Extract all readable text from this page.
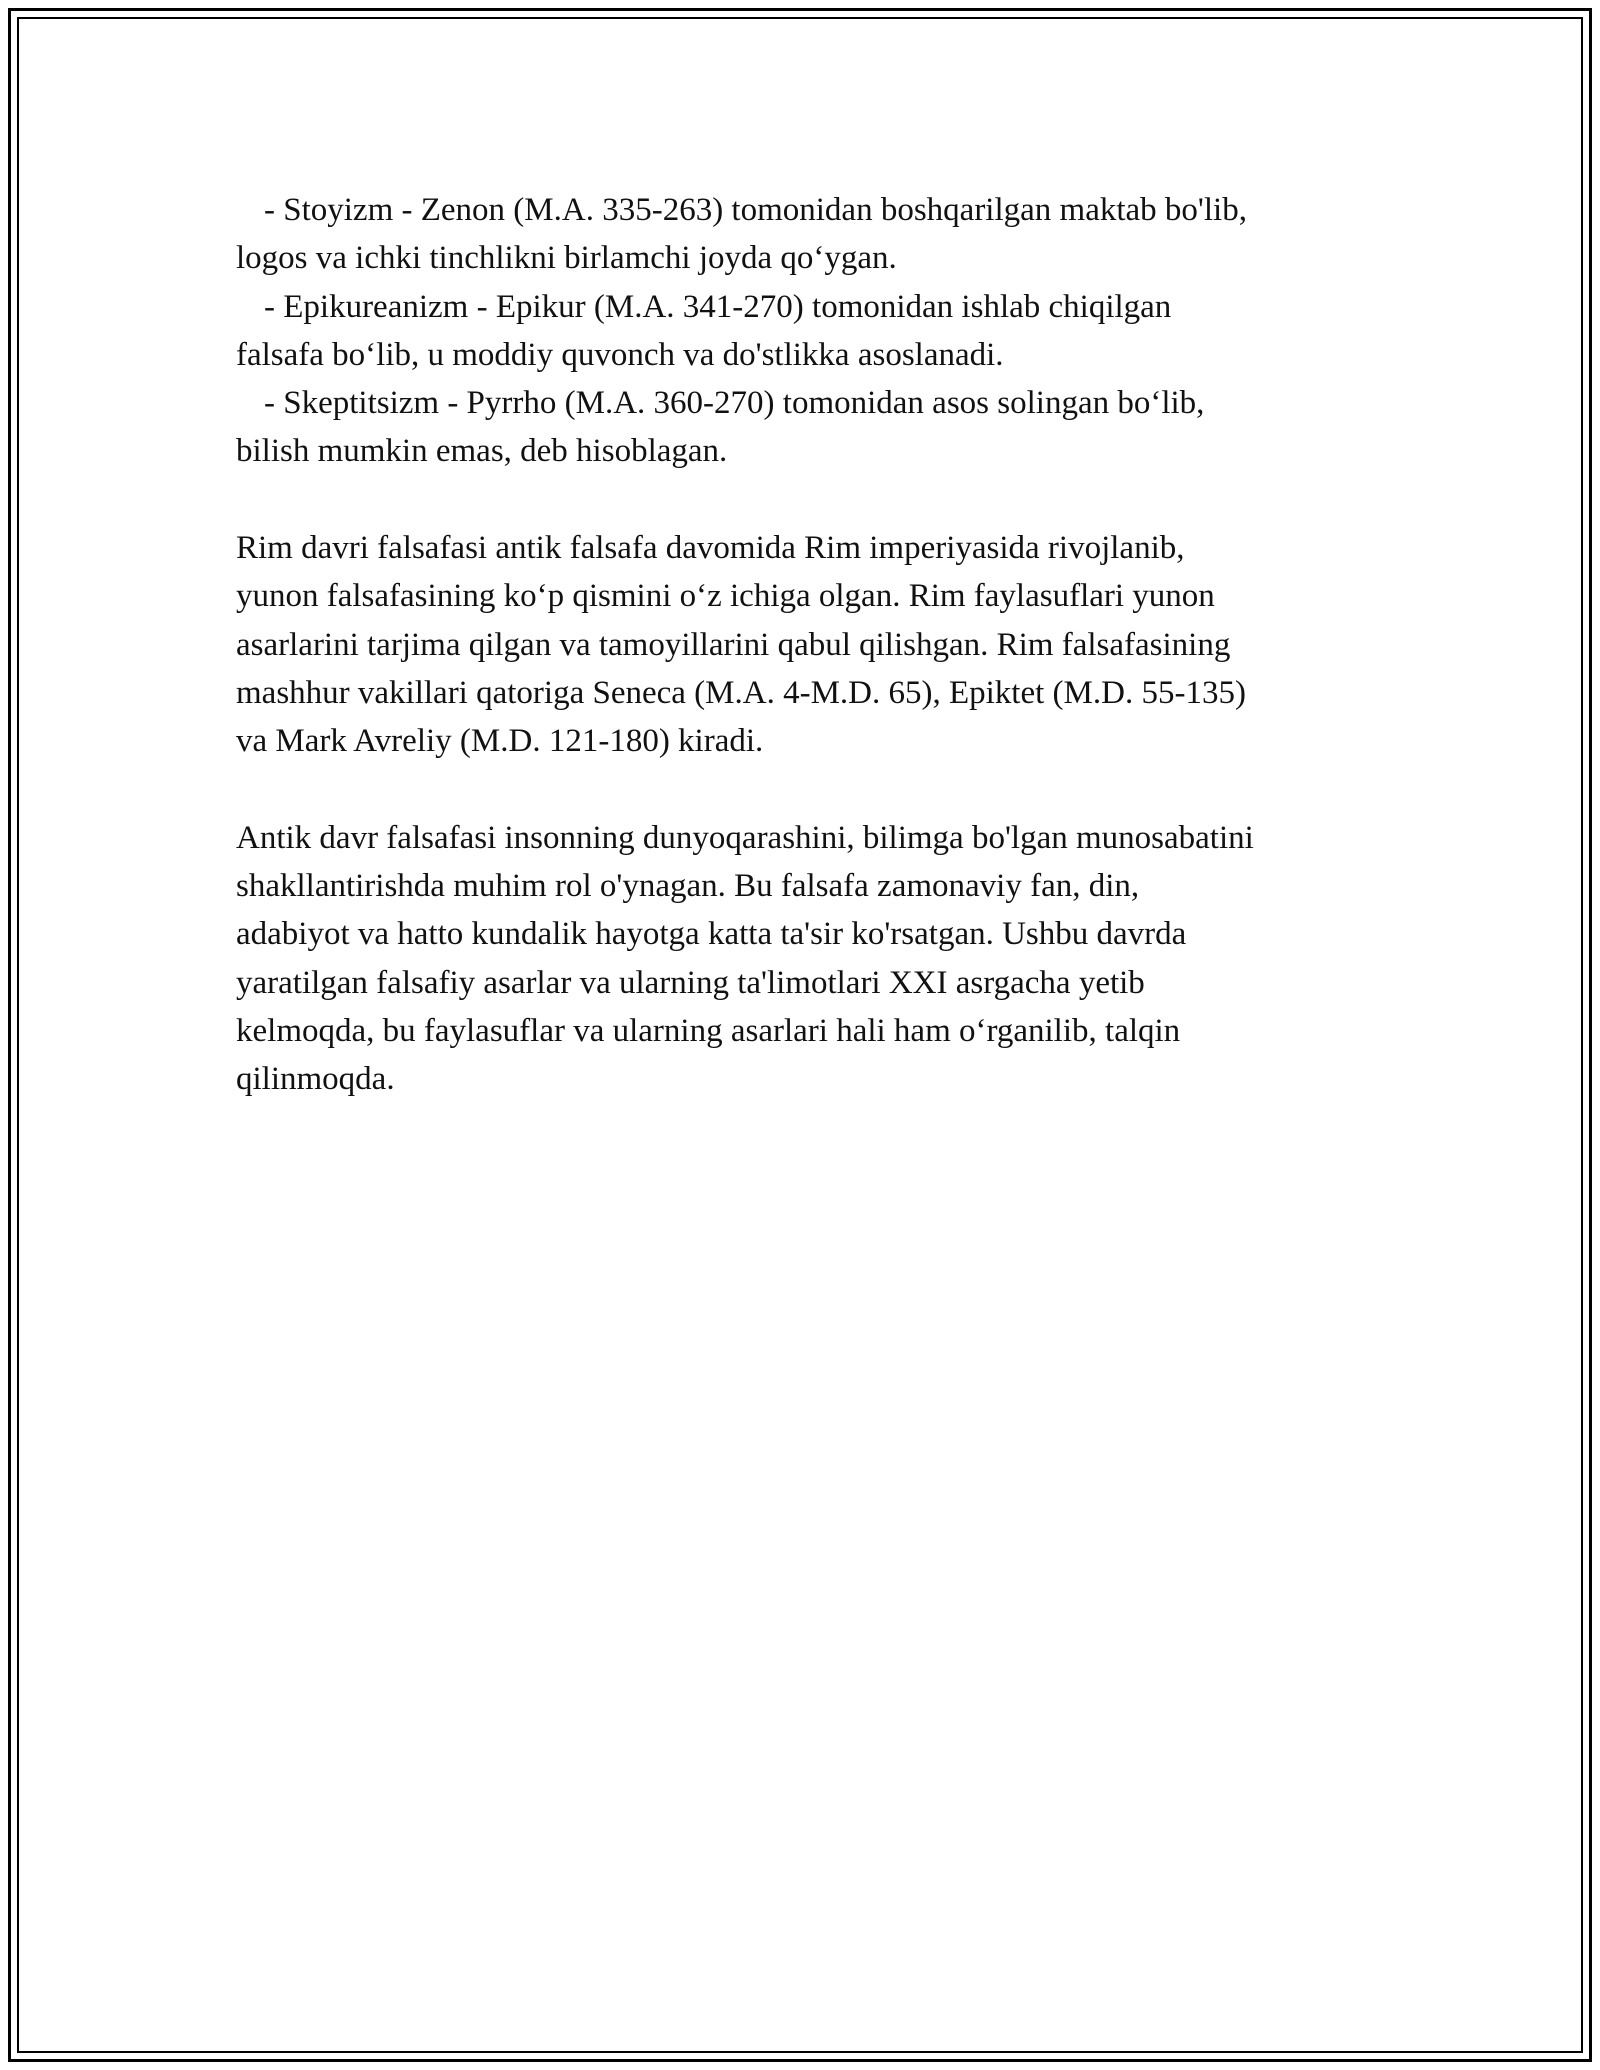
- Stoyizm - Zenon (M.A. 335-263) tomonidan boshqarilgan maktab bo'lib,

logos va ichki tinchlikni birlamchi joyda qo‘ygan.

- Epikureanizm - Epikur (M.A. 341-270) tomonidan ishlab chiqilgan

falsafa bo‘lib, u moddiy quvonch va do'stlikka asoslanadi.

- Skeptitsizm - Pyrrho (M.A. 360-270) tomonidan asos solingan bo‘lib,

bilish mumkin emas, deb hisoblagan.

Rim davri falsafasi antik falsafa davomida Rim imperiyasida rivojlanib,

yunon falsafasining ko‘p qismini o‘z ichiga olgan. Rim faylasuflari yunon

asarlarini tarjima qilgan va tamoyillarini qabul qilishgan. Rim falsafasining

mashhur vakillari qatoriga Seneca (M.A. 4-M.D. 65), Epiktet (M.D. 55-135)

va Mark Avreliy (M.D. 121-180) kiradi.

Antik davr falsafasi insonning dunyoqarashini, bilimga bo'lgan munosabatini

shakllantirishda muhim rol o'ynagan. Bu falsafa zamonaviy fan, din,

adabiyot va hatto kundalik hayotga katta ta'sir ko'rsatgan. Ushbu davrda

yaratilgan falsafiy asarlar va ularning ta'limotlari XXI asrgacha yetib

kelmoqda, bu faylasuflar va ularning asarlari hali ham o‘rganilib, talqin

qilinmoqda.
